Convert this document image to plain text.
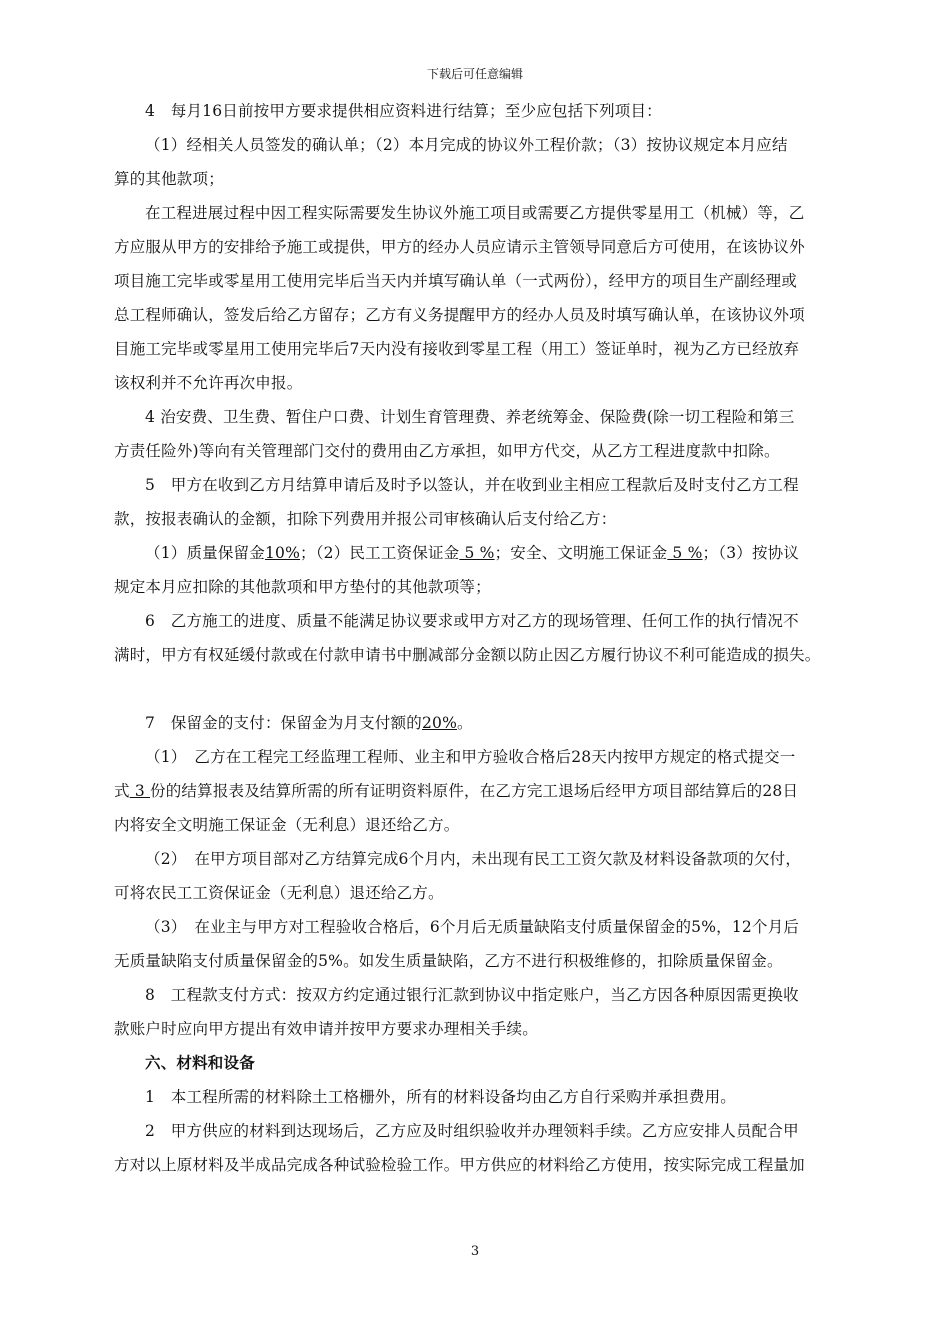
下载后可任意编辑
4　每月16日前按甲方要求提供相应资料进行结算；至少应包括下列项目：
（1）经相关人员签发的确认单；（2）本月完成的协议外工程价款；（3）按协议规定本月应结
算的其他款项；
在工程进展过程中因工程实际需要发生协议外施工项目或需要乙方提供零星用工（机械）等，乙
方应服从甲方的安排给予施工或提供，甲方的经办人员应请示主管领导同意后方可使用，在该协议外
项目施工完毕或零星用工使用完毕后当天内并填写确认单（一式两份），经甲方的项目生产副经理或
总工程师确认，签发后给乙方留存；乙方有义务提醒甲方的经办人员及时填写确认单，在该协议外项
目施工完毕或零星用工使用完毕后7天内没有接收到零星工程（用工）签证单时，视为乙方已经放弃
该权利并不允许再次申报。
4 治安费、卫生费、暂住户口费、计划生育管理费、养老统筹金、保险费(除一切工程险和第三
方责任险外)等向有关管理部门交付的费用由乙方承担，如甲方代交，从乙方工程进度款中扣除。
5　甲方在收到乙方月结算申请后及时予以签认，并在收到业主相应工程款后及时支付乙方工程
款，按报表确认的金额，扣除下列费用并报公司审核确认后支付给乙方：
（1）质量保留金10%；（2）民工工资保证金 5 %；安全、文明施工保证金 5 %；（3）按协议
规定本月应扣除的其他款项和甲方垫付的其他款项等；
6　乙方施工的进度、质量不能满足协议要求或甲方对乙方的现场管理、任何工作的执行情况不
满时，甲方有权延缓付款或在付款申请书中删减部分金额以防止因乙方履行协议不利可能造成的损失。
7　保留金的支付：保留金为月支付额的20%。
（1）　乙方在工程完工经监理工程师、业主和甲方验收合格后28天内按甲方规定的格式提交一
式 3 份的结算报表及结算所需的所有证明资料原件，在乙方完工退场后经甲方项目部结算后的28日
内将安全文明施工保证金（无利息）退还给乙方。
（2）　在甲方项目部对乙方结算完成6个月内，未出现有民工工资欠款及材料设备款项的欠付，
可将农民工工资保证金（无利息）退还给乙方。
（3）　在业主与甲方对工程验收合格后，6个月后无质量缺陷支付质量保留金的5%，12个月后
无质量缺陷支付质量保留金的5%。如发生质量缺陷，乙方不进行积极维修的，扣除质量保留金。
8　工程款支付方式：按双方约定通过银行汇款到协议中指定账户，当乙方因各种原因需更换收
款账户时应向甲方提出有效申请并按甲方要求办理相关手续。
六、材料和设备
1　本工程所需的材料除土工格栅外，所有的材料设备均由乙方自行采购并承担费用。
2　甲方供应的材料到达现场后，乙方应及时组织验收并办理领料手续。乙方应安排人员配合甲
方对以上原材料及半成品完成各种试验检验工作。甲方供应的材料给乙方使用，按实际完成工程量加
3
